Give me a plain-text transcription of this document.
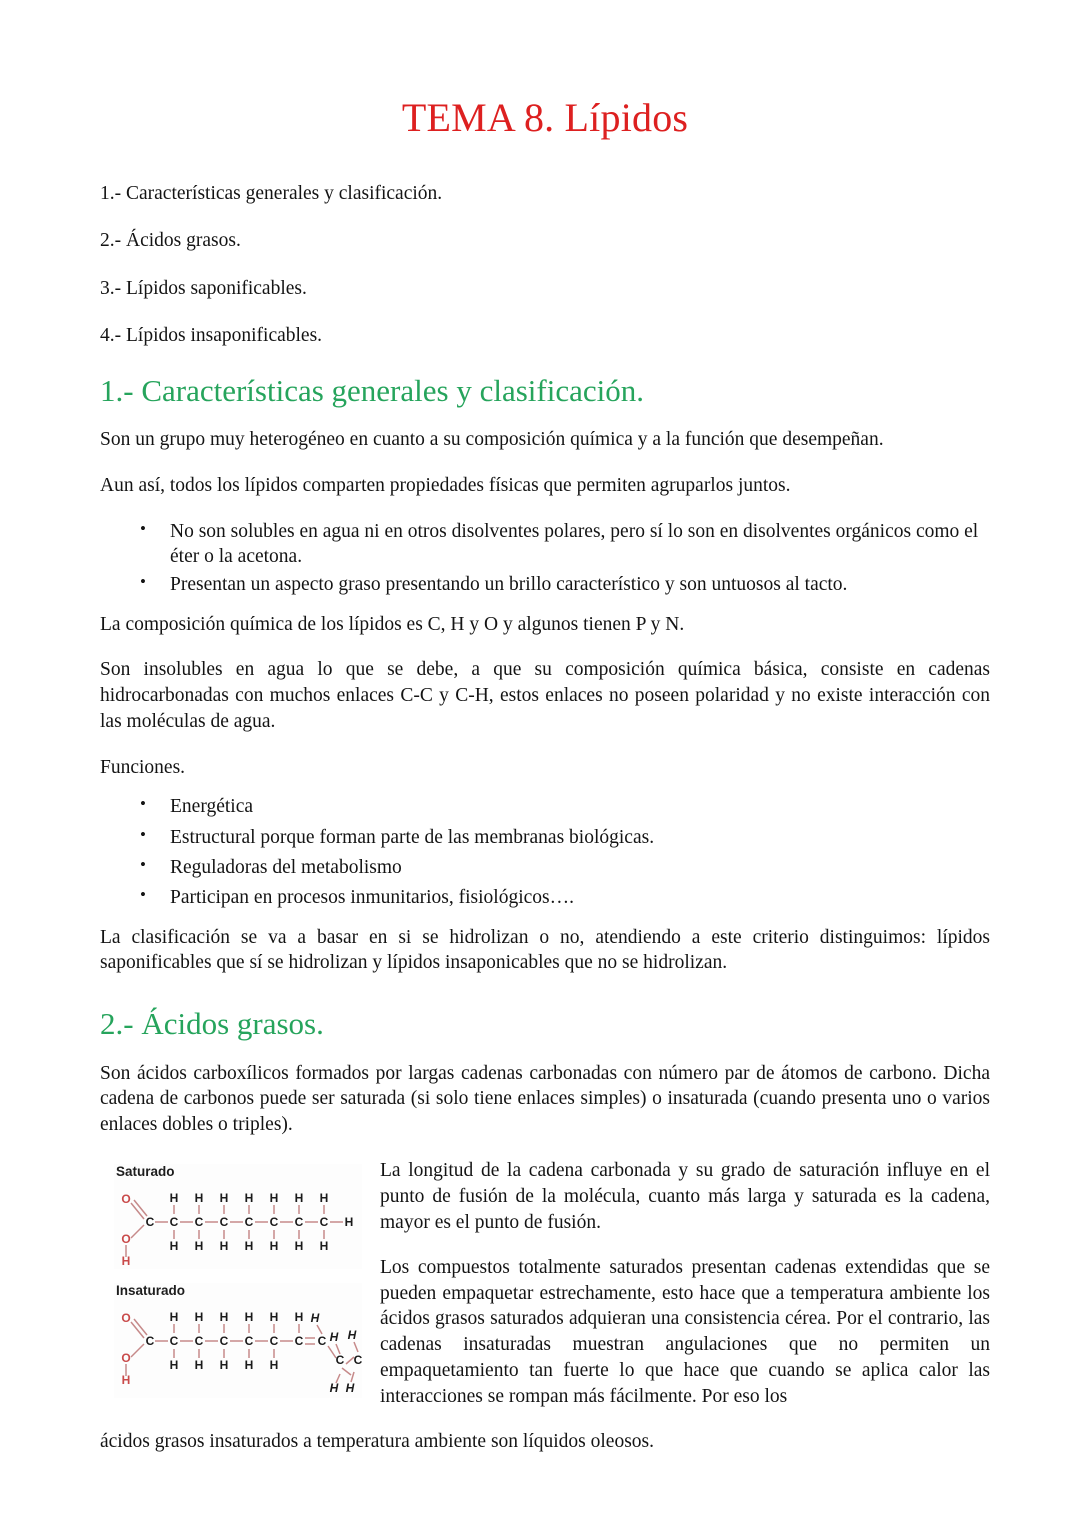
TEMA 8. Lípidos

1.- Características generales y clasificación.

2.- Ácidos grasos.

3.- Lípidos saponificables.

4.- Lípidos insaponificables.

1.- Características generales y clasificación.

Son un grupo muy heterogéneo en cuanto a su composición química y a la función que desempeñan.

Aun así, todos los lípidos comparten propiedades físicas que permiten agruparlos juntos.

• No son solubles en agua ni en otros disolventes polares, pero sí lo son en disolventes orgánicos como el éter o la acetona.
• Presentan un aspecto graso presentando un brillo característico y son untuosos al tacto.

La composición química de los lípidos es C, H y O y algunos tienen P y N.

Son insolubles en agua lo que se debe, a que su composición química básica, consiste en cadenas hidrocarbonadas con muchos enlaces C-C y C-H, estos enlaces no poseen polaridad y no existe interacción con las moléculas de agua.

Funciones.

• Energética
• Estructural porque forman parte de las membranas biológicas.
• Reguladoras del metabolismo
• Participan en procesos inmunitarios, fisiológicos….

La clasificación se va a basar en si se hidrolizan o no, atendiendo a este criterio distinguimos: lípidos saponificables que sí se hidrolizan y lípidos insaponicables que no se hidrolizan.

2.- Ácidos grasos.

Son ácidos carboxílicos formados por largas cadenas carbonadas con número par de átomos de carbono. Dicha cadena de carbonos puede ser saturada (si solo tiene enlaces simples) o insaturada (cuando presenta uno o varios enlaces dobles o triples).

Saturado
O
O
H
C C C C C C C C H
H H H H H H H
H H H H H H H
Insaturado
O
O
H
C C C C C C C C
C C
H H H H H H
H H H H H
H
H H
H H

La longitud de la cadena carbonada y su grado de saturación influye en el punto de fusión de la molécula, cuanto más larga y saturada es la cadena, mayor es el punto de fusión.

Los compuestos totalmente saturados presentan cadenas extendidas que se pueden empaquetar estrechamente, esto hace que a temperatura ambiente los ácidos grasos saturados adquieran una consistencia cérea. Por el contrario, las cadenas insaturadas muestran angulaciones que no permiten un empaquetamiento tan fuerte lo que hace que cuando se aplica calor las interacciones se rompan más fácilmente. Por eso los

ácidos grasos insaturados a temperatura ambiente son líquidos oleosos.
